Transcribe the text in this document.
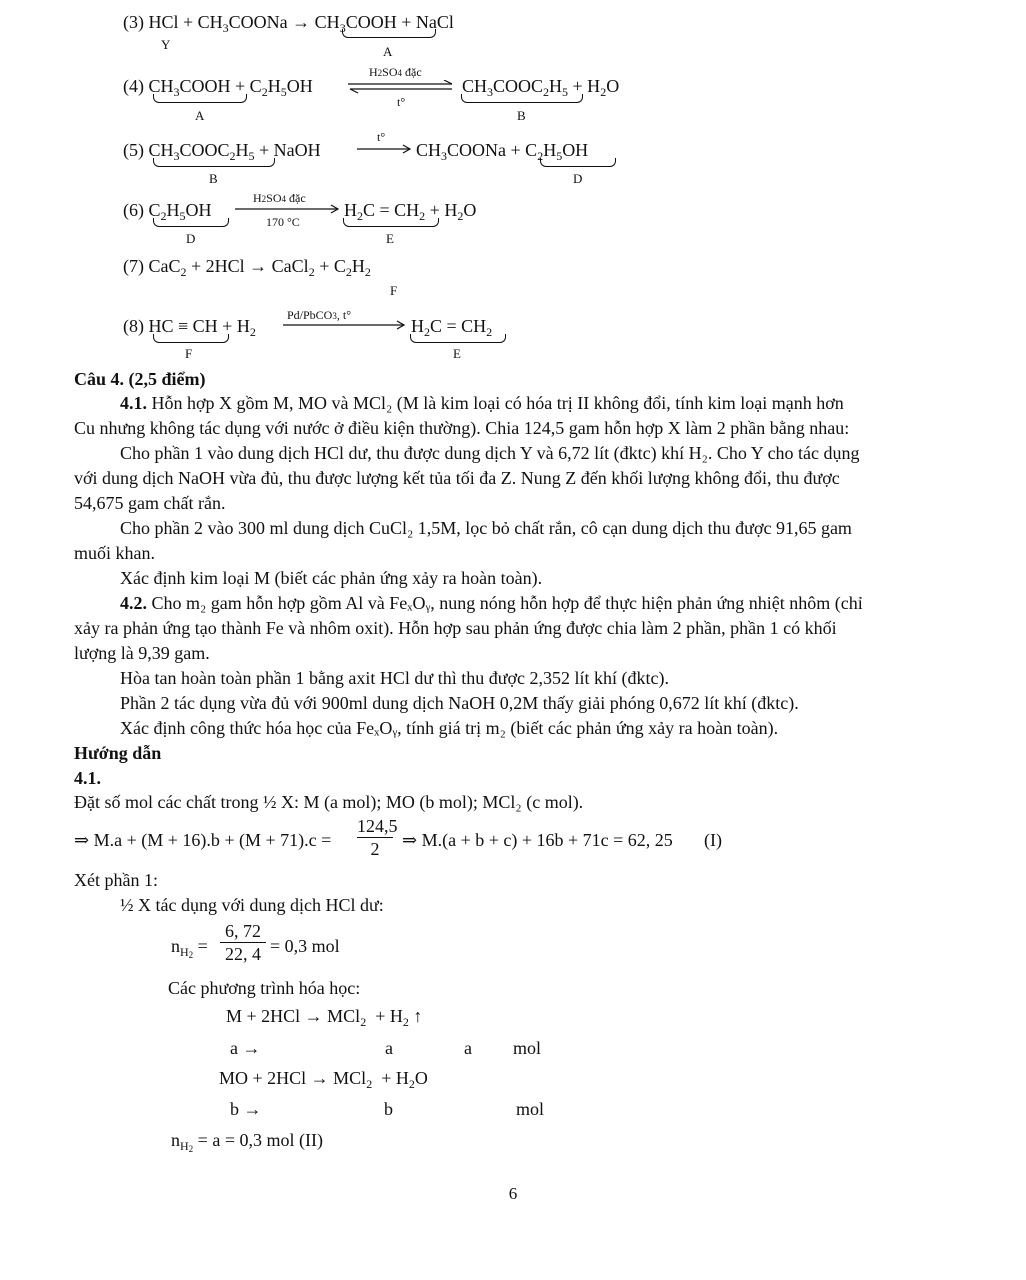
(3) HCl + $CH_3COONa$ → $CH_3COOH$ + NaCl
Y	A
(4) $CH_3COOH + C_2H_5OH$
H2SO4 đặc
t°
$CH_3COOC_2H_5 + H_2O$
A	B
(5) $CH_3COOC_2H_5$ + NaOH
t°
$CH_3COONa + C_2H_5OH$
B	D
(6) $C_2H_5OH$
H2SO4 đặc
170 °C
$H_2C = CH_2 + H_2O$
D	E
(7) CaC$_2$ + 2HCl → CaCl$_2$ + $C_2H_2$
F
(8) HC ≡ CH + $H_2$
Pd/PbCO3, t°
$H_2C = CH_2$
F	E
Câu 4. (2,5 điểm)
4.1. Hỗn hợp X gồm M, MO và MCl₂ (M là kim loại có hóa trị II không đổi, tính kim loại mạnh hơn
Cu nhưng không tác dụng với nước ở điều kiện thường). Chia 124,5 gam hỗn hợp X làm 2 phần bằng nhau:
Cho phần 1 vào dung dịch HCl dư, thu được dung dịch Y và 6,72 lít (đktc) khí H₂. Cho Y cho tác dụng
với dung dịch NaOH vừa đủ, thu được lượng kết tủa tối đa Z. Nung Z đến khối lượng không đổi, thu được
54,675 gam chất rắn.
Cho phần 2 vào 300 ml dung dịch CuCl₂ 1,5M, lọc bỏ chất rắn, cô cạn dung dịch thu được 91,65 gam
muối khan.
Xác định kim loại M (biết các phản ứng xảy ra hoàn toàn).
4.2. Cho m₂ gam hỗn hợp gồm Al và FeₓOᵧ, nung nóng hỗn hợp để thực hiện phản ứng nhiệt nhôm (chỉ
xảy ra phản ứng tạo thành Fe và nhôm oxit). Hỗn hợp sau phản ứng được chia làm 2 phần, phần 1 có khối
lượng là 9,39 gam.
Hòa tan hoàn toàn phần 1 bằng axit HCl dư thì thu được 2,352 lít khí (đktc).
Phần 2 tác dụng vừa đủ với 900ml dung dịch NaOH 0,2M thấy giải phóng 0,672 lít khí (đktc).
Xác định công thức hóa học của FeₓOᵧ, tính giá trị m₂ (biết các phản ứng xảy ra hoàn toàn).
Hướng dẫn
4.1.
Đặt số mol các chất trong ½ X: M (a mol); MO (b mol); MCl₂ (c mol).
⇒ $M.a + (M + 16).b + (M + 71).c = \frac{124,5}{2}$ ⇒ M.(a + b + c) + 16b + 71c = 62, 25 (I)
Xét phần 1:
½ X tác dụng với dung dịch HCl dư:
$n_{H2} = \frac{6, 72}{22, 4} = 0,3$ mol
Các phương trình hóa học:
$M + 2HCl \to MCl_2 + H_2$ ↑
a →	a	a mol
MO + $2HCl \to MCl_2 + H_2O$
b →	b	mol
$n_{H2} = a = 0,3$ mol (II)
6
